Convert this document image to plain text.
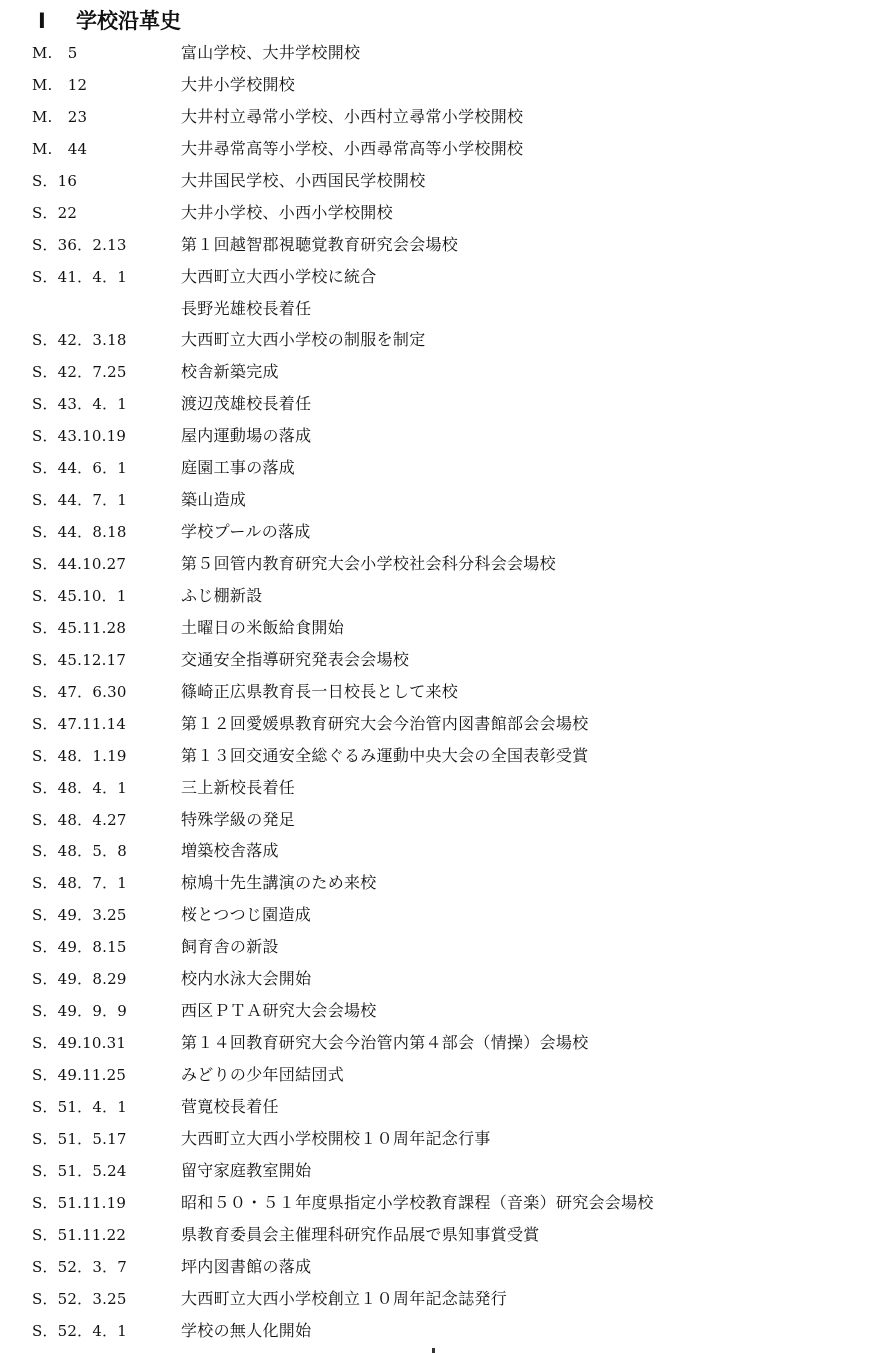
Ⅰ 学校沿革史
M.　5	富山学校、大井学校開校
M.　12	大井小学校開校
M.　23	大井村立尋常小学校、小西村立尋常小学校開校
M.　44	大井尋常高等小学校、小西尋常高等小学校開校
S．16	大井国民学校、小西国民学校開校
S．22	大井小学校、小西小学校開校
S．36．2.13	第１回越智郡視聴覚教育研究会会場校
S．41．4．1	大西町立大西小学校に統合
長野光雄校長着任
S．42．3.18	大西町立大西小学校の制服を制定
S．42．7.25	校舎新築完成
S．43．4．1	渡辺茂雄校長着任
S．43.10.19	屋内運動場の落成
S．44．6．1	庭園工事の落成
S．44．7．1	築山造成
S．44．8.18	学校プールの落成
S．44.10.27	第５回管内教育研究大会小学校社会科分科会会場校
S．45.10．1	ふじ棚新設
S．45.11.28	土曜日の米飯給食開始
S．45.12.17	交通安全指導研究発表会会場校
S．47．6.30	篠崎正広県教育長一日校長として来校
S．47.11.14	第１２回愛媛県教育研究大会今治管内図書館部会会場校
S．48．1.19	第１３回交通安全総ぐるみ運動中央大会の全国表彰受賞
S．48．4．1	三上新校長着任
S．48．4.27	特殊学級の発足
S．48．5．8	増築校舎落成
S．48．7．1	椋鳩十先生講演のため来校
S．49．3.25	桜とつつじ園造成
S．49．8.15	飼育舎の新設
S．49．8.29	校内水泳大会開始
S．49．9．9	西区ＰＴＡ研究大会会場校
S．49.10.31	第１４回教育研究大会今治管内第４部会（情操）会場校
S．49.11.25	みどりの少年団結団式
S．51．4．1	菅寛校長着任
S．51．5.17	大西町立大西小学校開校１０周年記念行事
S．51．5.24	留守家庭教室開始
S．51.11.19	昭和５０・５１年度県指定小学校教育課程（音楽）研究会会場校
S．51.11.22	県教育委員会主催理科研究作品展で県知事賞受賞
S．52．3．7	坪内図書館の落成
S．52．3.25	大西町立大西小学校創立１０周年記念誌発行
S．52．4．1	学校の無人化開始
